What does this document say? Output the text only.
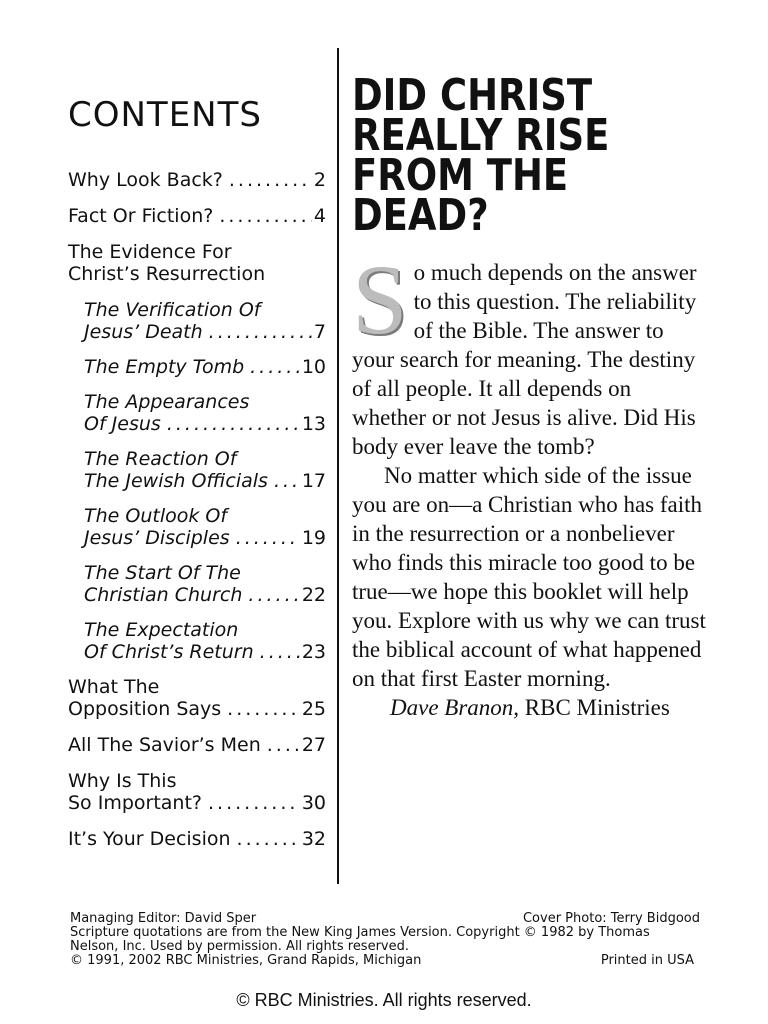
CONTENTS
Why Look Back? .....	2
Fact Or Fiction? .....	4
The Evidence For
Christ’s Resurrection
The Verification Of
Jesus’ Death .....	7
The Empty Tomb .....	10
The Appearances
Of Jesus .....	13
The Reaction Of
The Jewish Officials ..... 17
The Outlook Of
Jesus’ Disciples .....	19
The Start Of The
Christian Church .....	22
The Expectation
Of Christ’s Return .....	23
What The
Opposition Says .....	25
All The Savior’s Men ..... 27
Why Is This
So Important? .....	30
It’s Your Decision .....	32
DID CHRIST
REALLY RISE
FROM THE
DEAD?

So much depends on the answer to this question. The reliability of the Bible. The answer to your search for meaning. The destiny of all people. It all depends on whether or not Jesus is alive. Did His body ever leave the tomb?

No matter which side of the issue you are on—a Christian who has faith in the resurrection or a nonbeliever who finds this miracle too good to be true—we hope this booklet will help you. Explore with us why we can trust the biblical account of what happened on that first Easter morning.

Dave Branon, RBC Ministries

Managing Editor: David Sper	Cover Photo: Terry Bidgood
Scripture quotations are from the New King James Version. Copyright © 1982 by Thomas Nelson, Inc. Used by permission. All rights reserved.
© 1991, 2002 RBC Ministries, Grand Rapids, Michigan	Printed in USA
© RBC Ministries. All rights reserved.
